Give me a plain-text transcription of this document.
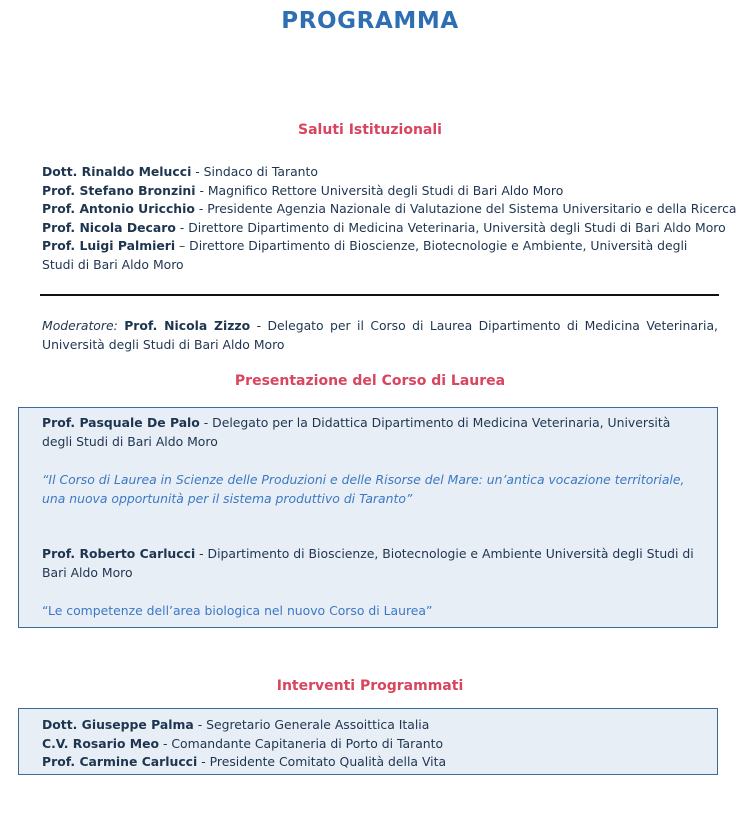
PROGRAMMA
Saluti Istituzionali
Dott. Rinaldo Melucci - Sindaco di Taranto
Prof. Stefano Bronzini - Magnifico Rettore Università degli Studi di Bari Aldo Moro
Prof. Antonio Uricchio - Presidente Agenzia Nazionale di Valutazione del Sistema Universitario e della Ricerca
Prof. Nicola Decaro - Direttore Dipartimento di Medicina Veterinaria, Università degli Studi di Bari Aldo Moro
Prof. Luigi Palmieri – Direttore Dipartimento di Bioscienze, Biotecnologie e Ambiente, Università degli Studi di Bari Aldo Moro
Moderatore: Prof. Nicola Zizzo - Delegato per il Corso di Laurea Dipartimento di Medicina Veterinaria, Università degli Studi di Bari Aldo Moro
Presentazione del Corso di Laurea
Prof. Pasquale De Palo - Delegato per la Didattica Dipartimento di Medicina Veterinaria, Università degli Studi di Bari Aldo Moro
“Il Corso di Laurea in Scienze delle Produzioni e delle Risorse del Mare: un’antica vocazione territoriale, una nuova opportunità per il sistema produttivo di Taranto”
Prof. Roberto Carlucci - Dipartimento di Bioscienze, Biotecnologie e Ambiente Università degli Studi di Bari Aldo Moro
“Le competenze dell’area biologica nel nuovo Corso di Laurea”
Interventi Programmati
Dott. Giuseppe Palma - Segretario Generale Assoittica Italia
C.V. Rosario Meo - Comandante Capitaneria di Porto di Taranto
Prof. Carmine Carlucci - Presidente Comitato Qualità della Vita
